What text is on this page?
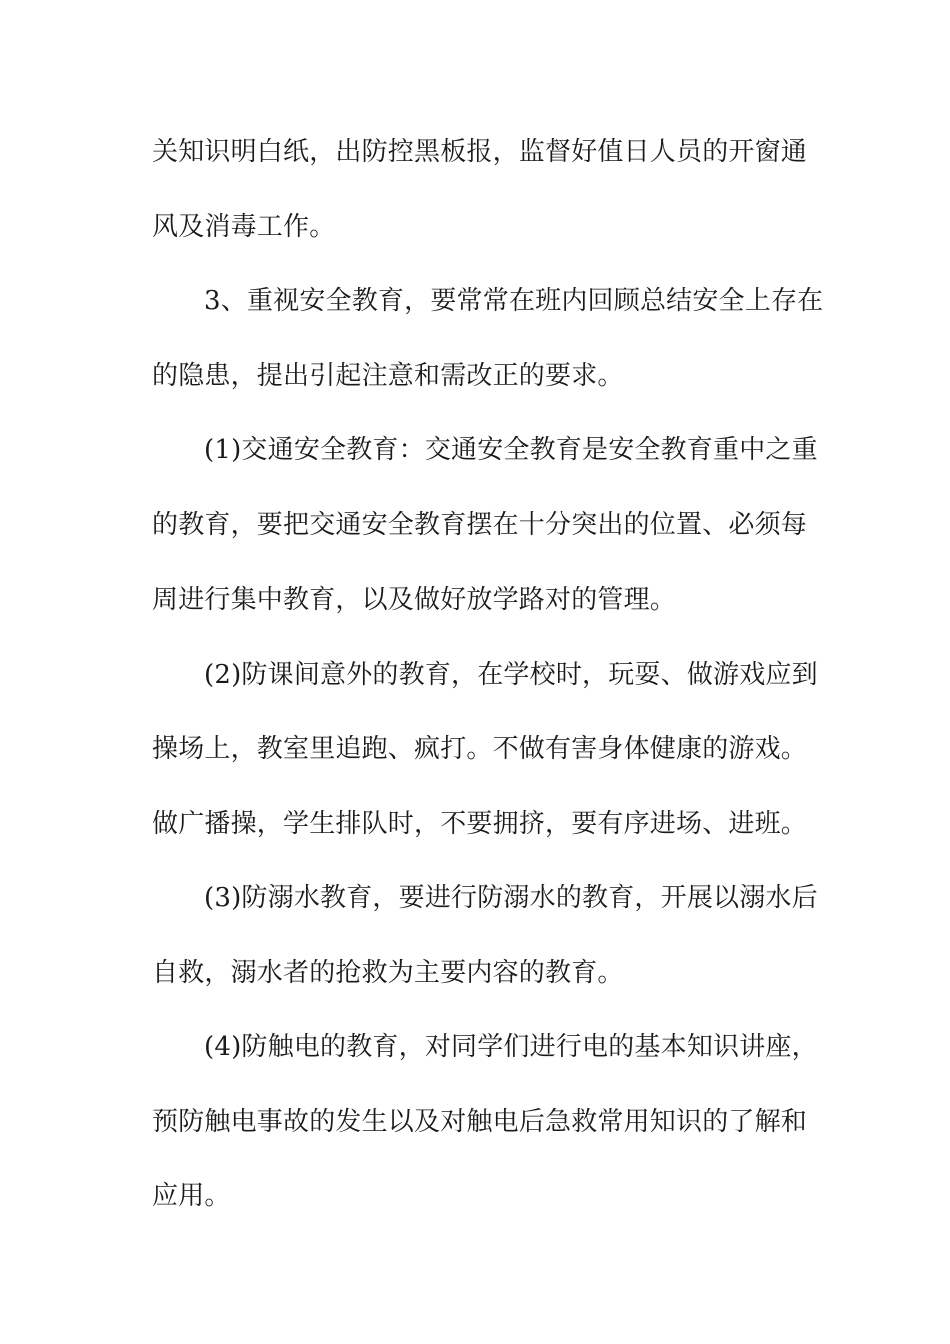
关知识明白纸，出防控黑板报，监督好值日人员的开窗通
风及消毒工作。
3、重视安全教育，要常常在班内回顾总结安全上存在
的隐患，提出引起注意和需改正的要求。
(1)交通安全教育：交通安全教育是安全教育重中之重
的教育，要把交通安全教育摆在十分突出的位置、必须每
周进行集中教育，以及做好放学路对的管理。
(2)防课间意外的教育，在学校时，玩耍、做游戏应到
操场上，教室里追跑、疯打。不做有害身体健康的游戏。
做广播操，学生排队时，不要拥挤，要有序进场、进班。
(3)防溺水教育，要进行防溺水的教育，开展以溺水后
自救，溺水者的抢救为主要内容的教育。
(4)防触电的教育，对同学们进行电的基本知识讲座，
预防触电事故的发生以及对触电后急救常用知识的了解和
应用。
